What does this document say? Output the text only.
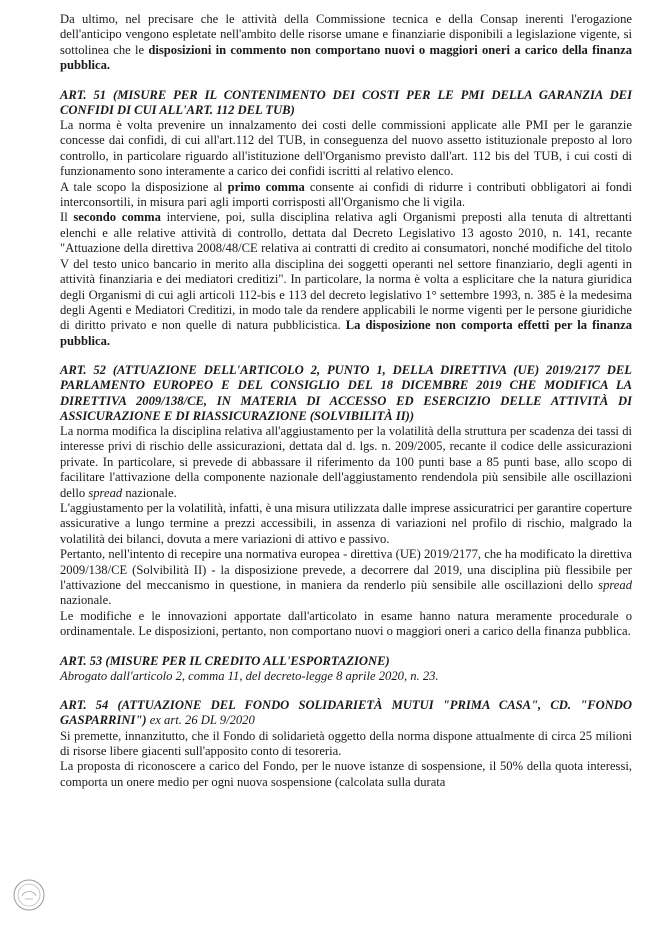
Da ultimo, nel precisare che le attività della Commissione tecnica e della Consap inerenti l'erogazione dell'anticipo vengono espletate nell'ambito delle risorse umane e finanziarie disponibili a legislazione vigente, si sottolinea che le disposizioni in commento non comportano nuovi o maggiori oneri a carico della finanza pubblica.

ART. 51 (MISURE PER IL CONTENIMENTO DEI COSTI PER LE PMI DELLA GARANZIA DEI CONFIDI DI CUI ALL'ART. 112 DEL TUB)

La norma è volta prevenire un innalzamento dei costi delle commissioni applicate alle PMI per le garanzie concesse dai confidi, di cui all'art.112 del TUB, in conseguenza del nuovo assetto istituzionale preposto al loro controllo, in particolare riguardo all'istituzione dell'Organismo previsto dall'art. 112 bis del TUB, i cui costi di funzionamento sono interamente a carico dei confidi iscritti al relativo elenco.

A tale scopo la disposizione al primo comma consente ai confidi di ridurre i contributi obbligatori ai fondi interconsortili, in misura pari agli importi corrisposti all'Organismo che li vigila.

Il secondo comma interviene, poi, sulla disciplina relativa agli Organismi preposti alla tenuta di altrettanti elenchi e alle relative attività di controllo, dettata dal Decreto Legislativo 13 agosto 2010, n. 141, recante "Attuazione della direttiva 2008/48/CE relativa ai contratti di credito ai consumatori, nonché modifiche del titolo V del testo unico bancario in merito alla disciplina dei soggetti operanti nel settore finanziario, degli agenti in attività finanziaria e dei mediatori creditizi". In particolare, la norma è volta a esplicitare che la natura giuridica degli Organismi di cui agli articoli 112-bis e 113 del decreto legislativo 1° settembre 1993, n. 385 è la medesima degli Agenti e Mediatori Creditizi, in modo tale da rendere applicabili le norme vigenti per le persone giuridiche di diritto privato e non quelle di natura pubblicistica. La disposizione non comporta effetti per la finanza pubblica.

ART. 52 (ATTUAZIONE DELL'ARTICOLO 2, PUNTO 1, DELLA DIRETTIVA (UE) 2019/2177 DEL PARLAMENTO EUROPEO E DEL CONSIGLIO DEL 18 DICEMBRE 2019 CHE MODIFICA LA DIRETTIVA 2009/138/CE, IN MATERIA DI ACCESSO ED ESERCIZIO DELLE ATTIVITÀ DI ASSICURAZIONE E DI RIASSICURAZIONE (SOLVIBILITÀ II))

La norma modifica la disciplina relativa all'aggiustamento per la volatilità della struttura per scadenza dei tassi di interesse privi di rischio delle assicurazioni, dettata dal d. lgs. n. 209/2005, recante il codice delle assicurazioni private. In particolare, si prevede di abbassare il riferimento da 100 punti base a 85 punti base, allo scopo di facilitare l'attivazione della componente nazionale dell'aggiustamento rendendola più sensibile alle oscillazioni dello spread nazionale.

L'aggiustamento per la volatilità, infatti, è una misura utilizzata dalle imprese assicuratrici per garantire coperture assicurative a lungo termine a prezzi accessibili, in assenza di variazioni nel profilo di rischio, malgrado la volatilità dei bilanci, dovuta a mere variazioni di attivo e passivo.

Pertanto, nell'intento di recepire una normativa europea - direttiva (UE) 2019/2177, che ha modificato la direttiva 2009/138/CE (Solvibilità II) - la disposizione prevede, a decorrere dal 2019, una disciplina più flessibile per l'attivazione del meccanismo in questione, in maniera da renderlo più sensibile alle oscillazioni dello spread nazionale.

Le modifiche e le innovazioni apportate dall'articolato in esame hanno natura meramente procedurale o ordinamentale. Le disposizioni, pertanto, non comportano nuovi o maggiori oneri a carico della finanza pubblica.

ART. 53 (MISURE PER IL CREDITO ALL'ESPORTAZIONE)

Abrogato dall'articolo 2, comma 11, del decreto-legge 8 aprile 2020, n. 23.

ART. 54 (ATTUAZIONE DEL FONDO SOLIDARIETÀ MUTUI "PRIMA CASA", CD. "FONDO GASPARRINI") ex art. 26 DL 9/2020

Si premette, innanzitutto, che il Fondo di solidarietà oggetto della norma dispone attualmente di circa 25 milioni di risorse libere giacenti sull'apposito conto di tesoreria.

La proposta di riconoscere a carico del Fondo, per le nuove istanze di sospensione, il 50% della quota interessi, comporta un onere medio per ogni nuova sospensione (calcolata sulla durata
